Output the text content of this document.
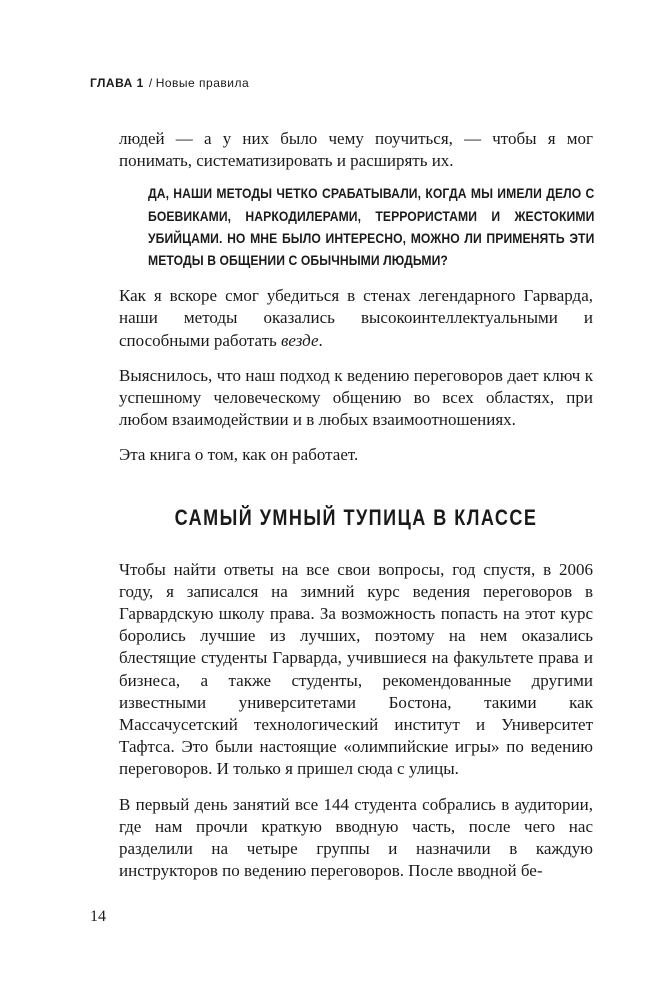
ГЛАВА 1 / Новые правила

людей — а у них было чему поучиться, — чтобы я мог понимать, систематизировать и расширять их.

ДА, НАШИ МЕТОДЫ ЧЕТКО СРАБАТЫВАЛИ, КОГДА МЫ ИМЕЛИ ДЕЛО С БОЕВИКАМИ, НАРКОДИЛЕРАМИ, ТЕРРОРИСТАМИ И ЖЕСТОКИМИ УБИЙЦАМИ. НО МНЕ БЫЛО ИНТЕРЕСНО, МОЖНО ЛИ ПРИМЕНЯТЬ ЭТИ МЕТОДЫ В ОБЩЕНИИ С ОБЫЧНЫМИ ЛЮДЬМИ?

Как я вскоре смог убедиться в стенах легендарного Гарварда, наши методы оказались высокоинтеллектуальными и способными работать везде.

Выяснилось, что наш подход к ведению переговоров дает ключ к успешному человеческому общению во всех областях, при любом взаимодействии и в любых взаимоотношениях.

Эта книга о том, как он работает.

САМЫЙ УМНЫЙ ТУПИЦА В КЛАССЕ

Чтобы найти ответы на все свои вопросы, год спустя, в 2006 году, я записался на зимний курс ведения переговоров в Гарвардскую школу права. За возможность попасть на этот курс боролись лучшие из лучших, поэтому на нем оказались блестящие студенты Гарварда, учившиеся на факультете права и бизнеса, а также студенты, рекомендованные другими известными университетами Бостона, такими как Массачусетский технологический институт и Университет Тафтса. Это были настоящие «олимпийские игры» по ведению переговоров. И только я пришел сюда с улицы.

В первый день занятий все 144 студента собрались в аудитории, где нам прочли краткую вводную часть, после чего нас разделили на четыре группы и назначили в каждую инструкторов по ведению переговоров. После вводной бе-

14
